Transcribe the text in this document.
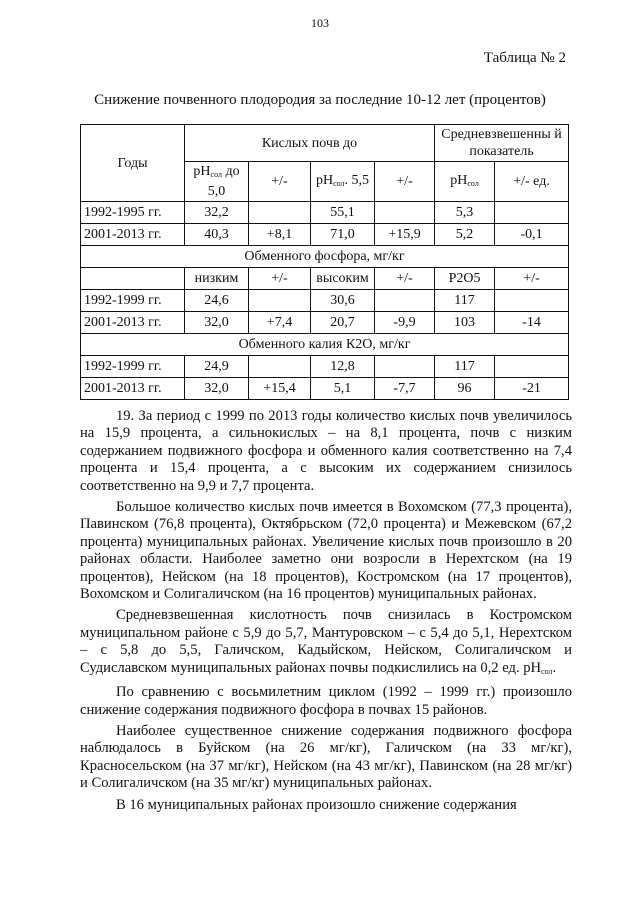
103
Таблица № 2
Снижение почвенного плодородия за последние 10-12 лет (процентов)
Годы	Кислых почв до				Средневзвешенны й показатель	
	$pH_{сол}$ до 5,0	+/-	$pH_{сол}$. 5,5	+/-	$pH_{сол}$	+/- ед.
1992-1995 гг.	32,2		55,1		5,3	
2001-2013 гг.	40,3	+8,1	71,0	+15,9	5,2	-0,1
Обменного фосфора, мг/кг						
	низким	+/-	высоким	+/-	P2O5	+/-
1992-1999 гг.	24,6		30,6		117	
2001-2013 гг.	32,0	+7,4	20,7	-9,9	103	-14
Обменного калия К2О, мг/кг						
1992-1999 гг.	24,9		12,8		117	
2001-2013 гг.	32,0	+15,4	5,1	-7,7	96	-21

19. За период с 1999 по 2013 годы количество кислых почв увеличилось на 15,9 процента, а сильнокислых – на 8,1 процента, почв с низким содержанием подвижного фосфора и обменного калия соответственно на 7,4 процента и 15,4 процента, а с высоким их содержанием снизилось соответственно на 9,9 и 7,7 процента.

Большое количество кислых почв имеется в Вохомском (77,3 процента), Павинском (76,8 процента), Октябрьском (72,0 процента) и Межевском (67,2 процента) муниципальных районах. Увеличение кислых почв произошло в 20 районах области. Наиболее заметно они возросли в Нерехтском (на 19 процентов), Нейском (на 18 процентов), Костромском (на 17 процентов), Вохомском и Солигаличском (на 16 процентов) муниципальных районах.

Средневзвешенная кислотность почв снизилась в Костромском муниципальном районе с 5,9 до 5,7, Мантуровском – с 5,4 до 5,1, Нерехтском – с 5,8 до 5,5, Галичском, Кадыйском, Нейском, Солигаличском и Судиславском муниципальных районах почвы подкислились на 0,2 ед. $pH_{сол}$.

По сравнению с восьмилетним циклом (1992 – 1999 гг.) произошло снижение содержания подвижного фосфора в почвах 15 районов.

Наиболее существенное снижение содержания подвижного фосфора наблюдалось в Буйском (на 26 мг/кг), Галичском (на 33 мг/кг), Красносельском (на 37 мг/кг), Нейском (на 43 мг/кг), Павинском (на 28 мг/кг) и Солигаличском (на 35 мг/кг) муниципальных районах.

В 16 муниципальных районах произошло снижение содержания
